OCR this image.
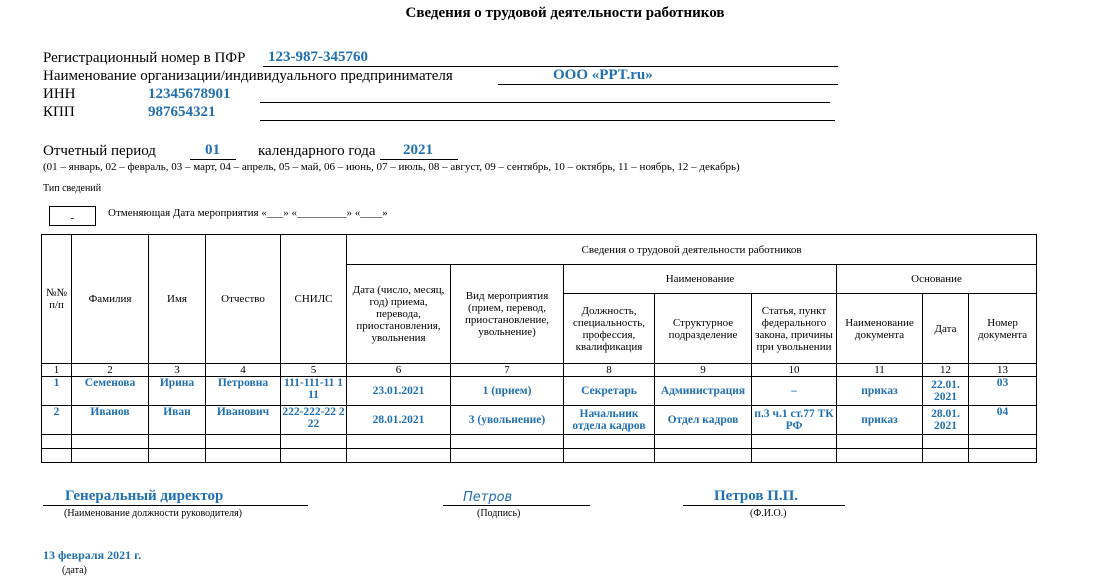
Сведения о трудовой деятельности работников
Регистрационный номер в ПФР 123-987-345760
Наименование организации/индивидуального предпринимателя	ООО «PPT.ru»
ИНН	12345678901
КПП	987654321
Отчетный период	01	календарного года 2021
(01 – январь, 02 – февраль, 03 – март, 04 – апрель, 05 – май, 06 – июнь, 07 – июль, 08 – август, 09 – сентябрь, 10 – октябрь, 11 – ноябрь, 12 – декабрь)
Тип сведений
-	Отменяющая Дата мероприятия «___» «_________» «____»
№№ п/п	Фамилия	Имя	Отчество	СНИЛС	Сведения о трудовой деятельности работников							
					Дата (число, месяц, год) приема, перевода, приостановления, увольнения	Вид мероприятия (прием, перевод, приостановление, увольнение)	Наименование			Основание		
							Должность, специальность, профессия, квалификация	Структурное подразделение	Статья, пункт федерального закона, причины при увольнении	Наименование документа	Дата	Номер документа
1	2	3	4	5	6	7	8	9	10	11	12	13
1	Семенова	Ирина	Петровна	111-111-11 1 11	23.01.2021	1 (прием)	Секретарь	Администрация	–	приказ	22.01. 2021	03
2	Иванов	Иван	Иванович	222-222-22 2 22	28.01.2021	3 (увольнение)	Начальник отдела кадров	Отдел кадров	п.3 ч.1 ст.77 ТК РФ	приказ	28.01. 2021	04

Генеральный директор
(Наименование должности руководителя)
Петров
(Подпись)
Петров П.П.
(Ф.И.О.)
13 февраля 2021 г.
(дата)
